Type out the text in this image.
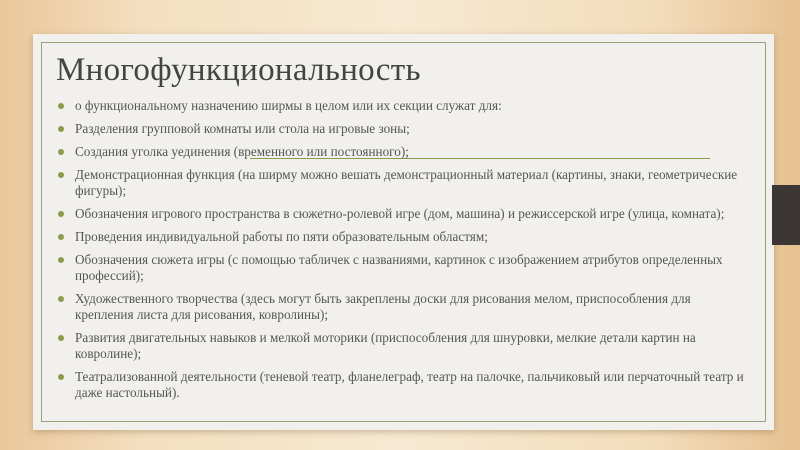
Многофункциональность
о функциональному назначению ширмы в целом или их секции служат для:
Разделения групповой комнаты или стола на игровые зоны;
Создания уголка уединения (временного или постоянного);
Демонстрационная функция (на ширму можно вешать демонстрационный материал (картины, знаки, геометрические фигуры);
Обозначения игрового пространства в сюжетно-ролевой игре (дом, машина) и режиссерской игре (улица, комната);
Проведения индивидуальной работы по пяти образовательным областям;
Обозначения сюжета игры (с помощью табличек с названиями, картинок с изображением атрибутов определенных профессий);
Художественного творчества (здесь могут быть закреплены доски для рисования мелом, приспособления для крепления листа для рисования, ковролины);
Развития двигательных навыков и мелкой моторики (приспособления для шнуровки, мелкие детали картин на ковролине);
Театрализованной деятельности (теневой театр, фланелеграф, театр на палочке, пальчиковый или перчаточный театр и даже настольный).
